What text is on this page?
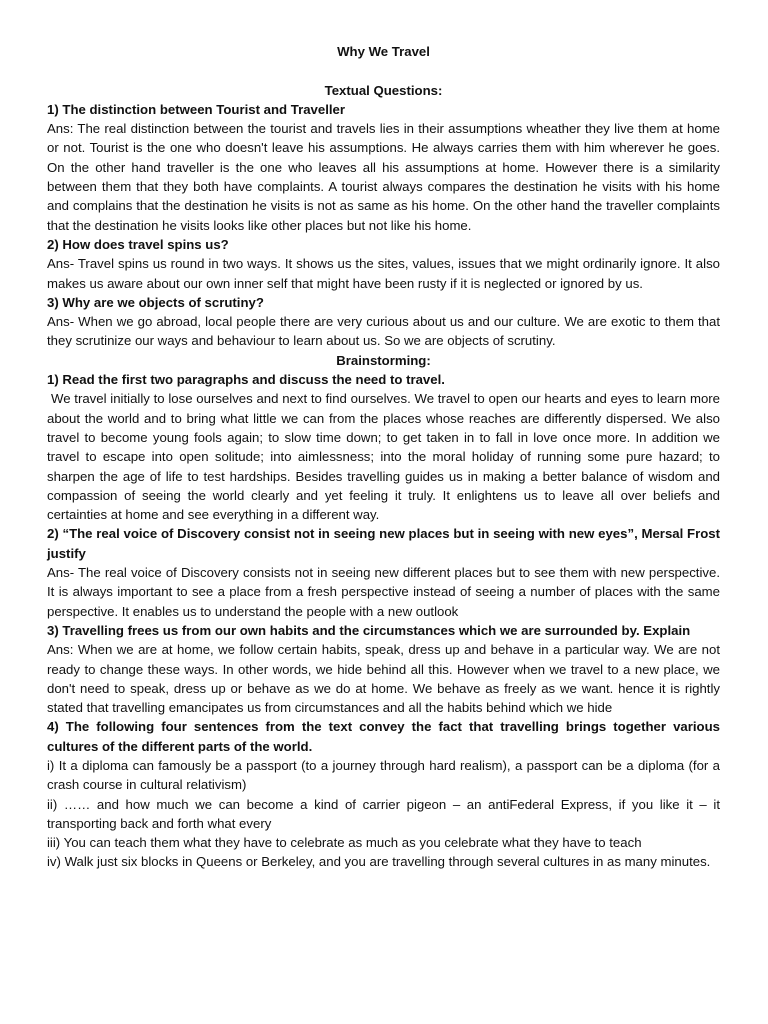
Why We Travel
Textual Questions:
1) The distinction between Tourist and Traveller
Ans: The real distinction between the tourist and travels lies in their assumptions wheather they live them at home or not. Tourist is the one who doesn't leave his assumptions. He always carries them with him wherever he goes. On the other hand traveller is the one who leaves all his assumptions at home. However there is a similarity between them that they both have complaints. A tourist always compares the destination he visits with his home and complains that the destination he visits is not as same as his home. On the other hand the traveller complaints that the destination he visits looks like other places but not like his home.
2) How does travel spins us?
Ans- Travel spins us round in two ways. It shows us the sites, values, issues that we might ordinarily ignore. It also makes us aware about our own inner self that might have been rusty if it is neglected or ignored by us.
3) Why are we objects of scrutiny?
Ans- When we go abroad, local people there are very curious about us and our culture. We are exotic to them that they scrutinize our ways and behaviour to learn about us. So we are objects of scrutiny.
Brainstorming:
1) Read the first two paragraphs and discuss the need to travel.
We travel initially to lose ourselves and next to find ourselves. We travel to open our hearts and eyes to learn more about the world and to bring what little we can from the places whose reaches are differently dispersed. We also travel to become young fools again; to slow time down; to get taken in to fall in love once more. In addition we travel to escape into open solitude; into aimlessness; into the moral holiday of running some pure hazard; to sharpen the age of life to test hardships. Besides travelling guides us in making a better balance of wisdom and compassion of seeing the world clearly and yet feeling it truly. It enlightens us to leave all over beliefs and certainties at home and see everything in a different way.
2) “The real voice of Discovery consist not in seeing new places but in seeing with new eyes”, Mersal Frost justify
Ans- The real voice of Discovery consists not in seeing new different places but to see them with new perspective. It is always important to see a place from a fresh perspective instead of seeing a number of places with the same perspective. It enables us to understand the people with a new outlook
3) Travelling frees us from our own habits and the circumstances which we are surrounded by. Explain
Ans: When we are at home, we follow certain habits, speak, dress up and behave in a particular way. We are not ready to change these ways. In other words, we hide behind all this. However when we travel to a new place, we don't need to speak, dress up or behave as we do at home. We behave as freely as we want. hence it is rightly stated that travelling emancipates us from circumstances and all the habits behind which we hide
4) The following four sentences from the text convey the fact that travelling brings together various cultures of the different parts of the world.
i) It a diploma can famously be a passport (to a journey through hard realism), a passport can be a diploma (for a crash course in cultural relativism)
ii) …… and how much we can become a kind of carrier pigeon – an antiFederal Express, if you like it – it transporting back and forth what every
iii) You can teach them what they have to celebrate as much as you celebrate what they have to teach
iv) Walk just six blocks in Queens or Berkeley, and you are travelling through several cultures in as many minutes.
